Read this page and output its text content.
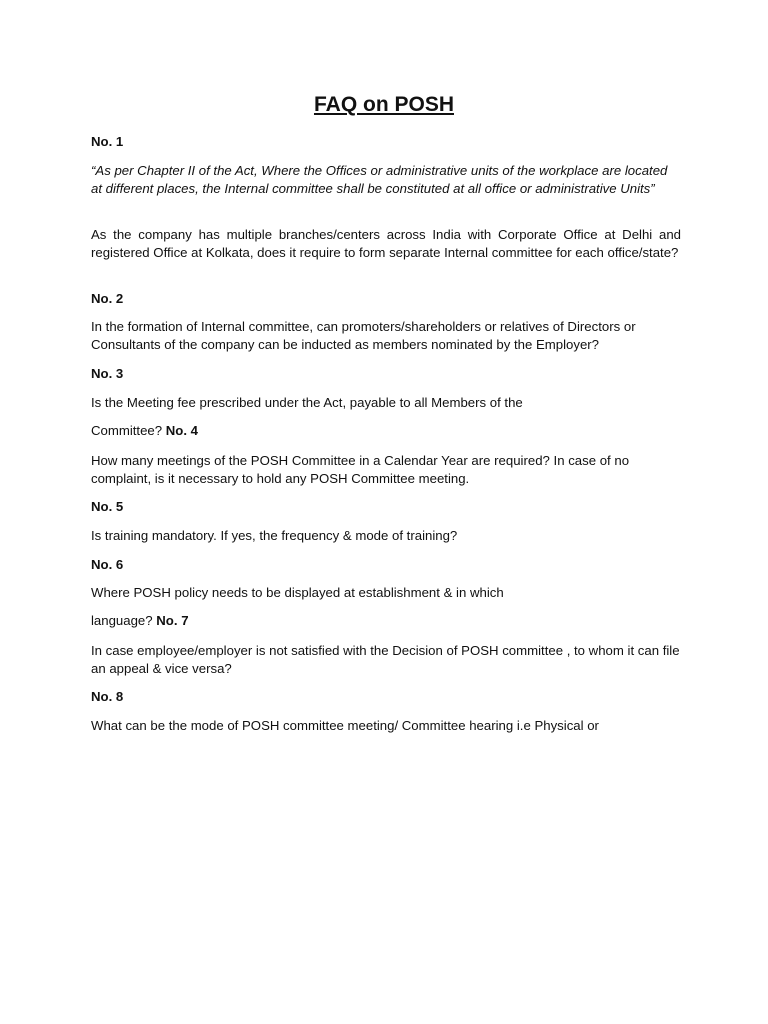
FAQ on POSH

No. 1

“As per Chapter II of the Act, Where the Offices or administrative units of the workplace are located at different places, the Internal committee shall be constituted at all office or administrative Units”

As the company has multiple branches/centers across India with Corporate Office at Delhi and registered Office at Kolkata, does it require to form separate Internal committee for each office/state?

No. 2

In the formation of Internal committee, can promoters/shareholders or relatives of Directors or Consultants of the company can be inducted as members nominated by the Employer?

No. 3

Is the Meeting fee prescribed under the Act, payable to all Members of the

Committee? No. 4

How many meetings of the POSH Committee in a Calendar Year are required? In case of no complaint, is it necessary to hold any POSH Committee meeting.

No. 5

Is training mandatory. If yes, the frequency & mode of training?

No. 6

Where POSH policy needs to be displayed at establishment & in which

language? No. 7

In case employee/employer is not satisfied with the Decision of POSH committee , to whom it can file an appeal & vice versa?

No. 8

What can be the mode of POSH committee meeting/ Committee hearing i.e Physical or
